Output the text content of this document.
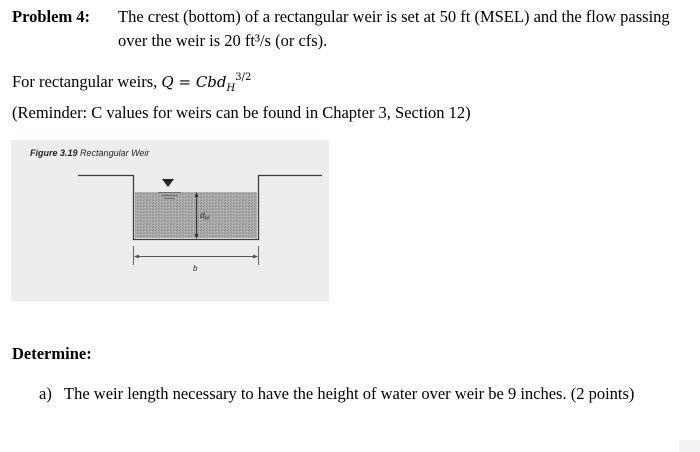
Problem 4: The crest (bottom) of a rectangular weir is set at 50 ft (MSEL) and the flow passing
over the weir is 20 ft³/s (or cfs).
For rectangular weirs, Q = Cbd$_H^{3/2}$
(Reminder: C values for weirs can be found in Chapter 3, Section 12)
Figure 3.19 Rectangular Weir
$d_H$
b
Determine:
a) The weir length necessary to have the height of water over weir be 9 inches. (2 points)
